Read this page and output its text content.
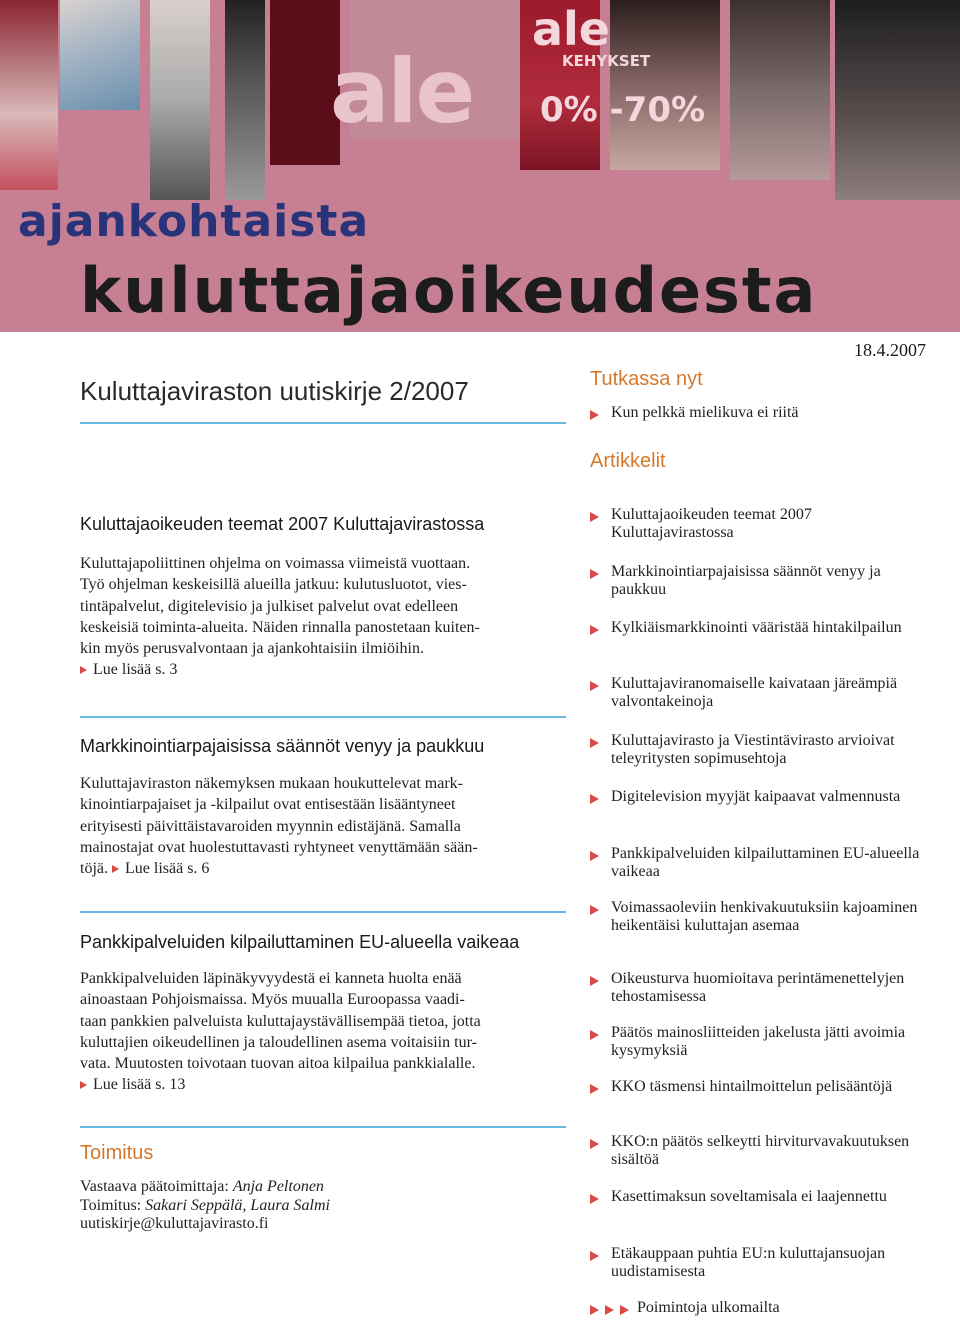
ale
ale
KEHYKSET
0% -70%
ajankohtaista
kuluttajaoikeudesta
18.4.2007
Kuluttajaviraston uutiskirje 2/2007	Tutkassa nyt
Kun pelkkä mielikuva ei riitä
Artikkelit
Kuluttajaoikeuden teemat 2007 Kuluttajavirastossa
Markkinointiarpajaisissa säännöt venyy ja paukkuu
Kylkiäismarkkinointi vääristää hintakilpailun
Kuluttajaviranomaiselle kaivataan järeämpiä valvontakeinoja
Kuluttajavirasto ja Viestintävirasto arvioivat teleyritysten sopimusehtoja
Digitelevision myyjät kaipaavat valmennusta
Pankkipalveluiden kilpailuttaminen EU-alueella vaikeaa
Voimassaoleviin henkivakuutuksiin kajoaminen heikentäisi kuluttajan asemaa
Oikeusturva huomioitava perintämenettelyjen tehostamisessa
Päätös mainosliitteiden jakelusta jätti avoimia kysymyksiä
KKO täsmensi hintailmoittelun pelisääntöjä
KKO:n päätös selkeytti hirviturvavakuutuksen sisältöä
Kasettimaksun soveltamisala ei laajennettu
Etäkauppaan puhtia EU:n kuluttajansuojan uudistamisesta
Poimintoja ulkomailta
Kuluttajaoikeuden teemat 2007 Kuluttajavirastossa
Kuluttajapoliittinen ohjelma on voimassa viimeistä vuottaan.
Työ ohjelman keskeisillä alueilla jatkuu: kulutusluotot, vies-
tintäpalvelut, digitelevisio ja julkiset palvelut ovat edelleen
keskeisiä toiminta-alueita. Näiden rinnalla panostetaan kuiten-
kin myös perusvalvontaan ja ajankohtaisiin ilmiöihin.
Lue lisää s. 3
Markkinointiarpajaisissa säännöt venyy ja paukkuu
Kuluttajaviraston näkemyksen mukaan houkuttelevat mark-
kinointiarpajaiset ja -kilpailut ovat entisestään lisääntyneet
erityisesti päivittäistavaroiden myynnin edistäjänä. Samalla
mainostajat ovat huolestuttavasti ryhtyneet venyttämään sään-
töjä. Lue lisää s. 6
Pankkipalveluiden kilpailuttaminen EU-alueella vaikeaa
Pankkipalveluiden läpinäkyvyydestä ei kanneta huolta enää
ainoastaan Pohjoismaissa. Myös muualla Euroopassa vaadi-
taan pankkien palveluista kuluttajaystävällisempää tietoa, jotta
kuluttajien oikeudellinen ja taloudellinen asema voitaisiin tur-
vata. Muutosten toivotaan tuovan aitoa kilpailua pankkialalle.
Lue lisää s. 13
Toimitus
Vastaava päätoimittaja: Anja Peltonen
Toimitus: Sakari Seppälä, Laura Salmi
uutiskirje@kuluttajavirasto.fi
